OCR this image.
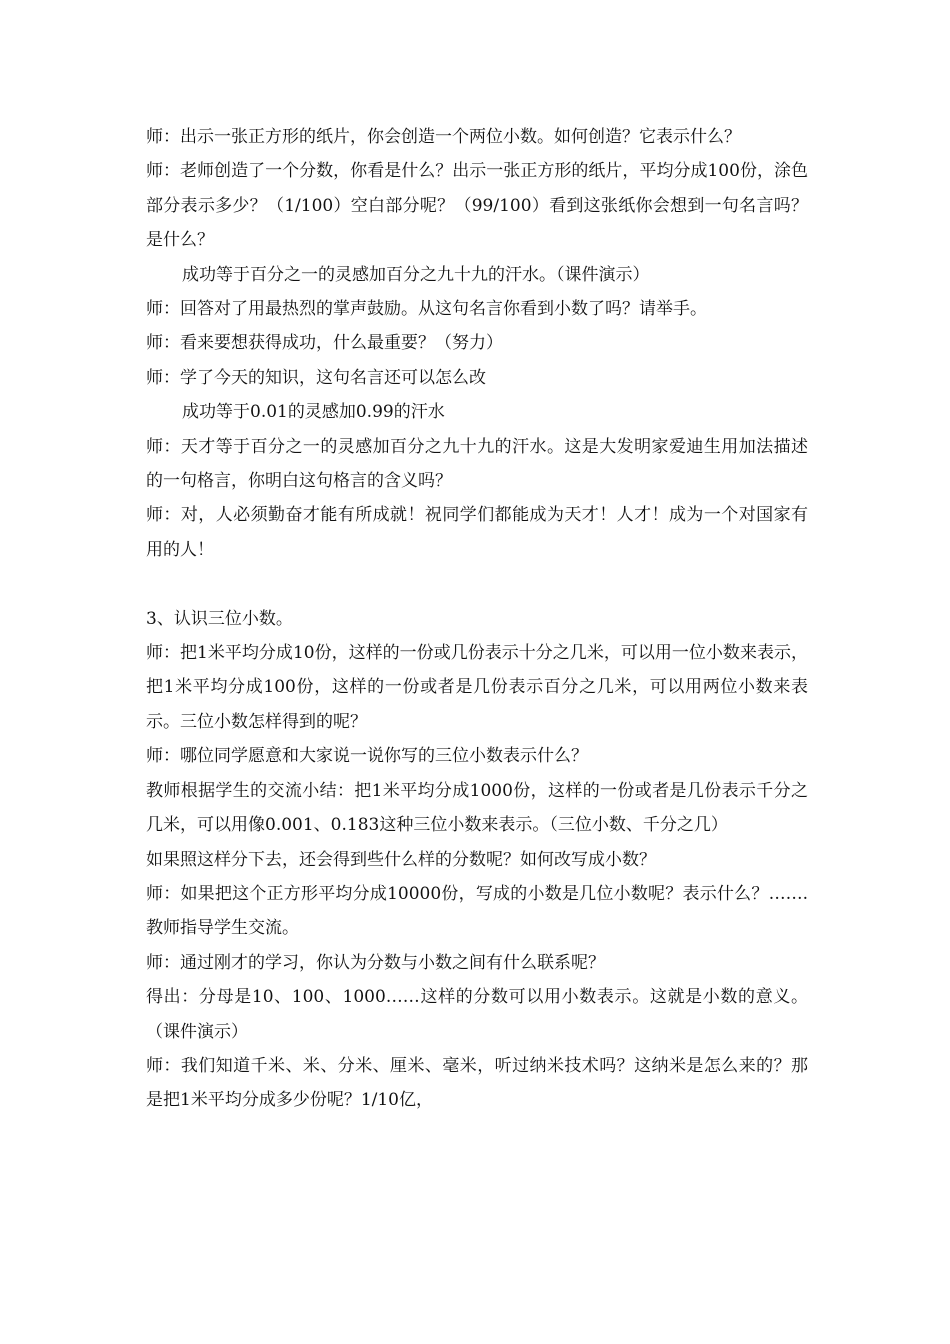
师：出示一张正方形的纸片，你会创造一个两位小数。如何创造？它表示什么？

师：老师创造了一个分数，你看是什么？出示一张正方形的纸片，平均分成100份，涂色部分表示多少？（1/100）空白部分呢？（99/100）看到这张纸你会想到一句名言吗？是什么？

成功等于百分之一的灵感加百分之九十九的汗水。（课件演示）

师：回答对了用最热烈的掌声鼓励。从这句名言你看到小数了吗？请举手。

师：看来要想获得成功，什么最重要？（努力）

师：学了今天的知识，这句名言还可以怎么改

成功等于0.01的灵感加0.99的汗水

师：天才等于百分之一的灵感加百分之九十九的汗水。这是大发明家爱迪生用加法描述的一句格言，你明白这句格言的含义吗？

师：对，人必须勤奋才能有所成就！祝同学们都能成为天才！人才！成为一个对国家有用的人！

3、认识三位小数。

师：把1米平均分成10份，这样的一份或几份表示十分之几米，可以用一位小数来表示，把1米平均分成100份，这样的一份或者是几份表示百分之几米，可以用两位小数来表示。三位小数怎样得到的呢？

师：哪位同学愿意和大家说一说你写的三位小数表示什么？

教师根据学生的交流小结：把1米平均分成1000份，这样的一份或者是几份表示千分之几米，可以用像0.001、0.183这种三位小数来表示。（三位小数、千分之几）

如果照这样分下去，还会得到些什么样的分数呢？如何改写成小数？

师：如果把这个正方形平均分成10000份，写成的小数是几位小数呢？表示什么？…….教师指导学生交流。

师：通过刚才的学习，你认为分数与小数之间有什么联系呢？

得出：分母是10、100、1000……这样的分数可以用小数表示。这就是小数的意义。（课件演示）

师：我们知道千米、米、分米、厘米、毫米，听过纳米技术吗？这纳米是怎么来的？那是把1米平均分成多少份呢？1/10亿，
